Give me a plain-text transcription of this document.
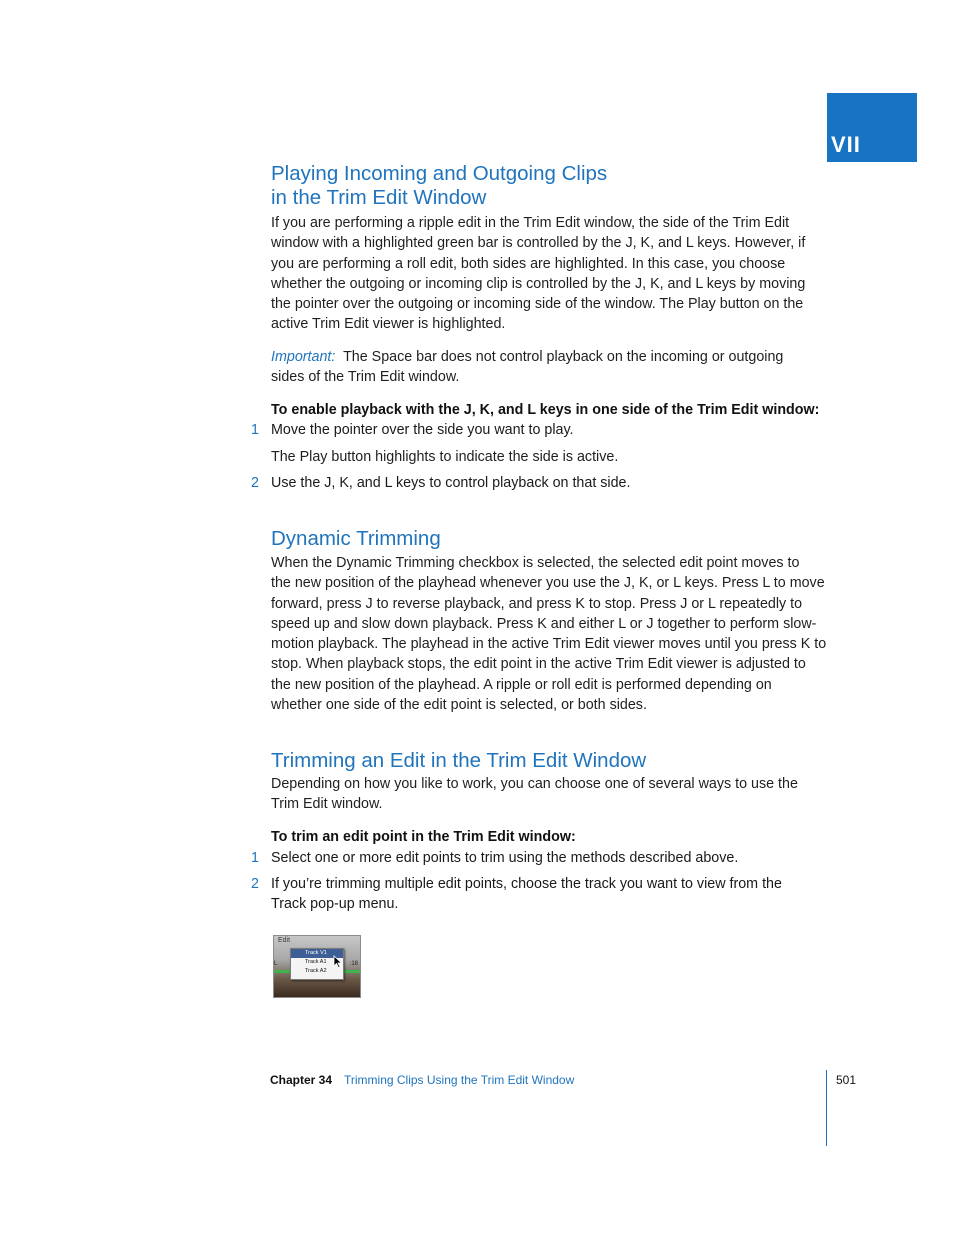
VII
Playing Incoming and Outgoing Clips
in the Trim Edit Window

If you are performing a ripple edit in the Trim Edit window, the side of the Trim Edit
window with a highlighted green bar is controlled by the J, K, and L keys. However, if
you are performing a roll edit, both sides are highlighted. In this case, you choose
whether the outgoing or incoming clip is controlled by the J, K, and L keys by moving
the pointer over the outgoing or incoming side of the window. The Play button on the
active Trim Edit viewer is highlighted.

Important: The Space bar does not control playback on the incoming or outgoing
sides of the Trim Edit window.

To enable playback with the J, K, and L keys in one side of the Trim Edit window:

1 Move the pointer over the side you want to play.

The Play button highlights to indicate the side is active.

2 Use the J, K, and L keys to control playback on that side.
Dynamic Trimming

When the Dynamic Trimming checkbox is selected, the selected edit point moves to
the new position of the playhead whenever you use the J, K, or L keys. Press L to move
forward, press J to reverse playback, and press K to stop. Press J or L repeatedly to
speed up and slow down playback. Press K and either L or J together to perform slow-
motion playback. The playhead in the active Trim Edit viewer moves until you press K to
stop. When playback stops, the edit point in the active Trim Edit viewer is adjusted to
the new position of the playhead. A ripple or roll edit is performed depending on
whether one side of the edit point is selected, or both sides.

Trimming an Edit in the Trim Edit Window

Depending on how you like to work, you can choose one of several ways to use the
Trim Edit window.

To trim an edit point in the Trim Edit window:

1 Select one or more edit points to trim using the methods described above.
2 If you’re trimming multiple edit points, choose the track you want to view from the
Track pop-up menu.
Edit
L	:18
Track V1
Track A1
Track A2
Chapter 34 Trimming Clips Using the Trim Edit Window	501
